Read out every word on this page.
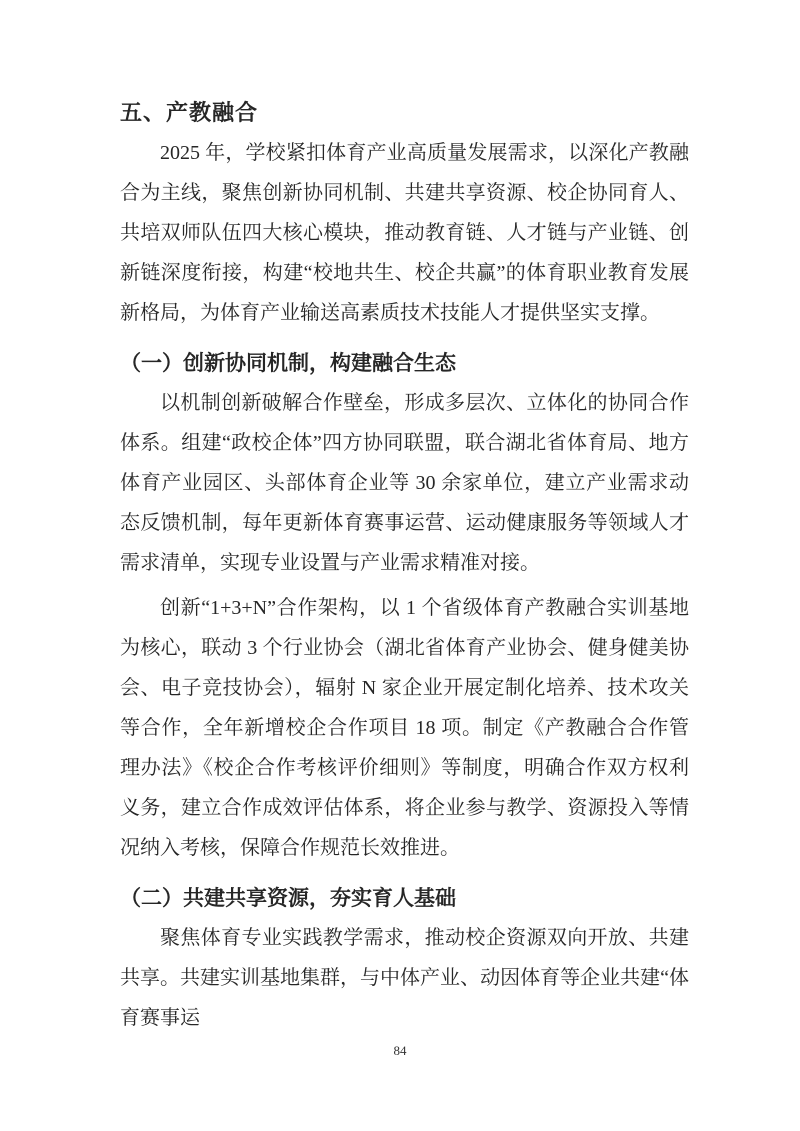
五、产教融合

2025 年，学校紧扣体育产业高质量发展需求，以深化产教融合为主线，聚焦创新协同机制、共建共享资源、校企协同育人、共培双师队伍四大核心模块，推动教育链、人才链与产业链、创新链深度衔接，构建“校地共生、校企共赢”的体育职业教育发展新格局，为体育产业输送高素质技术技能人才提供坚实支撑。

（一）创新协同机制，构建融合生态

以机制创新破解合作壁垒，形成多层次、立体化的协同合作体系。组建“政校企体”四方协同联盟，联合湖北省体育局、地方体育产业园区、头部体育企业等 30 余家单位，建立产业需求动态反馈机制，每年更新体育赛事运营、运动健康服务等领域人才需求清单，实现专业设置与产业需求精准对接。

创新“1+3+N”合作架构，以 1 个省级体育产教融合实训基地为核心，联动 3 个行业协会（湖北省体育产业协会、健身健美协会、电子竞技协会），辐射 N 家企业开展定制化培养、技术攻关等合作，全年新增校企合作项目 18 项。制定《产教融合合作管理办法》《校企合作考核评价细则》等制度，明确合作双方权利义务，建立合作成效评估体系，将企业参与教学、资源投入等情况纳入考核，保障合作规范长效推进。

（二）共建共享资源，夯实育人基础

聚焦体育专业实践教学需求，推动校企资源双向开放、共建共享。共建实训基地集群，与中体产业、动因体育等企业共建“体育赛事运

84
